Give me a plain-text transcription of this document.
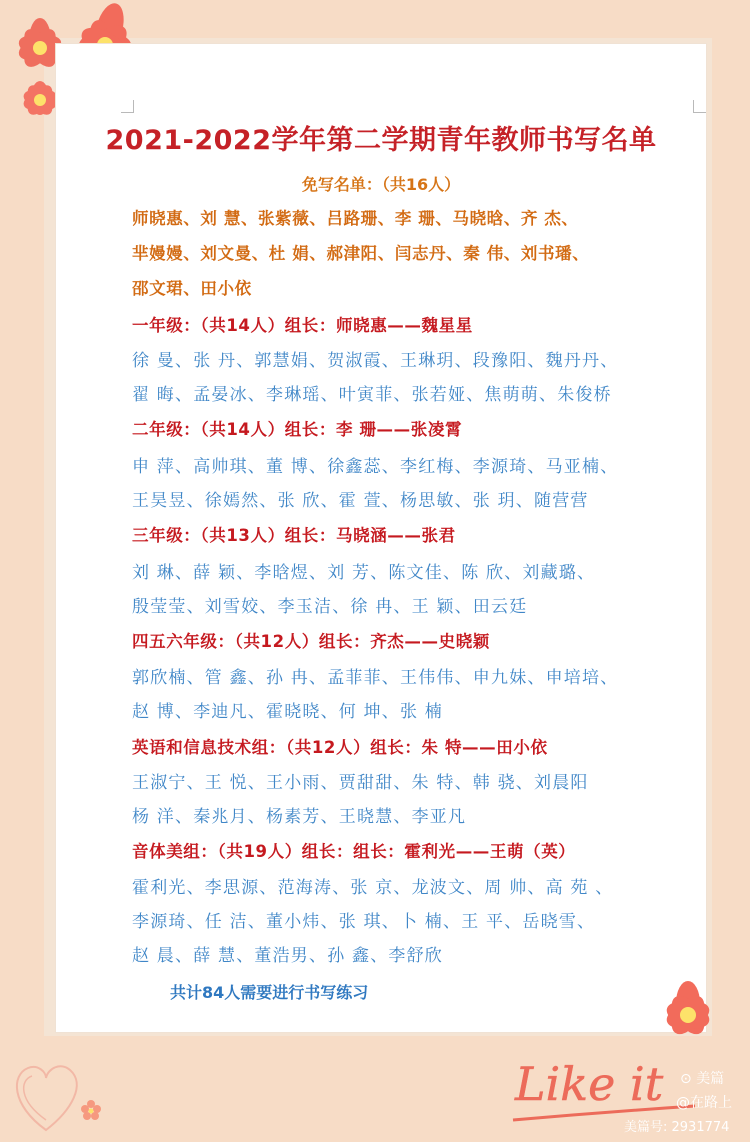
2021-2022学年第二学期青年教师书写名单
免写名单：（共16人）
师晓惠、刘 慧、张紫薇、吕路珊、李 珊、马晓晗、齐 杰、
芈嫚嫚、刘文曼、杜 娟、郝津阳、闫志丹、秦 伟、刘书璠、
邵文珺、田小依
一年级：（共14人）组长：师晓惠——魏星星
徐 曼、张 丹、郭慧娟、贺淑霞、王琳玥、段豫阳、魏丹丹、
翟 晦、孟晏冰、李琳瑶、叶寅菲、张若娅、焦萌萌、朱俊桥
二年级：（共14人）组长：李 珊——张凌霄
申 萍、高帅琪、董 博、徐鑫蕊、李红梅、李源琦、马亚楠、
王昊昱、徐嫣然、张 欣、霍 萱、杨思敏、张 玥、随营营
三年级：（共13人）组长：马晓涵——张君
刘 琳、薛 颖、李晗煜、刘 芳、陈文佳、陈 欣、刘藏璐、
殷莹莹、刘雪姣、李玉洁、徐 冉、王 颖、田云廷
四五六年级：（共12人）组长：齐杰——史晓颖
郭欣楠、管 鑫、孙 冉、孟菲菲、王伟伟、申九妹、申培培、
赵 博、李迪凡、霍晓晓、何 坤、张 楠
英语和信息技术组：（共12人）组长：朱 特——田小依
王淑宁、王 悦、王小雨、贾甜甜、朱 特、韩 骁、刘晨阳
杨 洋、秦兆月、杨素芳、王晓慧、李亚凡
音体美组：（共19人）组长：组长：霍利光——王萌（英）
霍利光、李思源、范海涛、张 京、龙波文、周 帅、高 苑 、
李源琦、任 洁、董小炜、张 琪、卜 楠、王 平、岳晓雪、
赵 晨、薛 慧、董浩男、孙 鑫、李舒欣
共计84人需要进行书写练习
Like it ⊙ 美篇
@在路上
美篇号: 2931774
